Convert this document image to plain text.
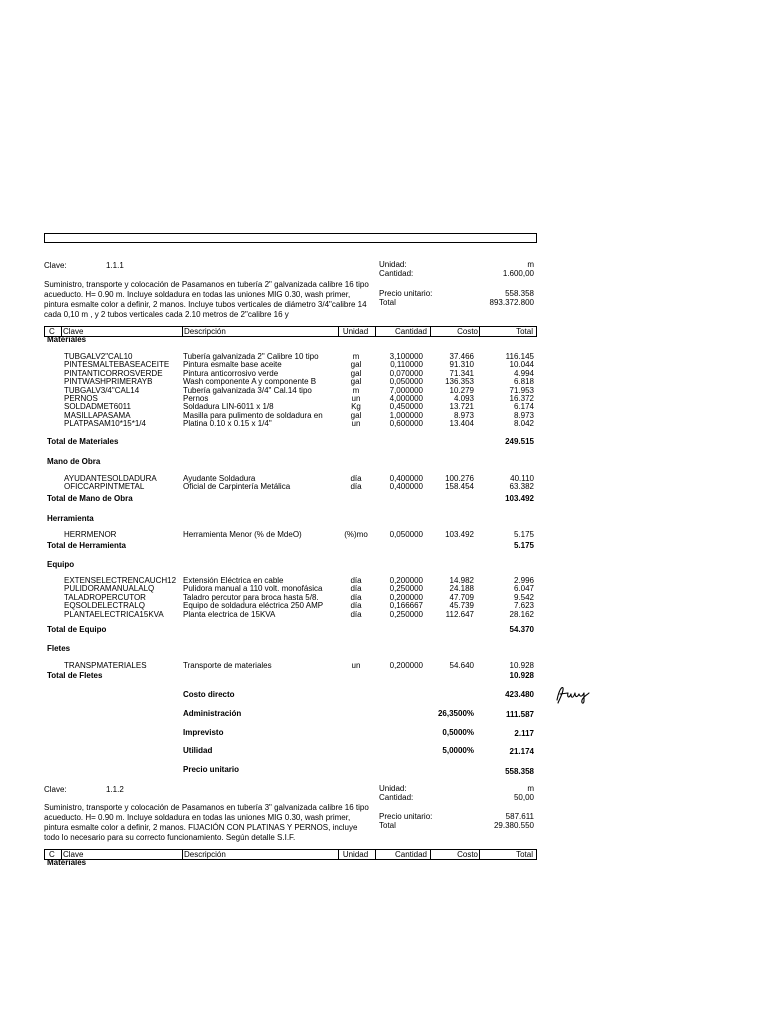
Clave:	1.1.1	Unidad:	m
Cantidad:	1.600,00
Suministro, transporte y colocación de Pasamanos en tubería 2" galvanizada calibre 16 tipo acueducto. H= 0.90 m. Incluye soldadura en todas las uniones MIG 0.30, wash primer, pintura esmalte color a definir, 2 manos. Incluye tubos verticales de diámetro 3/4"calibre 14 cada 0,10 m , y 2 tubos verticales cada 2.10 metros de 2"calibre 16 y
Precio unitario:	558.358
Total	893.372.800
C Clave	Descripción	Unidad	Cantidad	Costo	Total
Materiales
TUBGALV2"CAL10	Tubería galvanizada 2" Calibre 10 tipo	m	3,100000	37.466	116.145
PINTESMALTEBASEACEITE Pintura esmalte base aceite	gal	0,110000	91.310	10.044
PINTANTICORROSVERDE	Pintura anticorrosivo verde	gal	0,070000	71.341	4.994
PINTWASHPRIMERAYB	Wash componente A y componente B	gal	0,050000	136.353	6.818
TUBGALV3/4"CAL14	Tubería galvanizada 3/4" Cal.14 tipo	m	7,000000	10.279	71.953
PERNOS	Pernos	un	4,000000	4.093	16.372
SOLDADMET6011	Soldadura LIN-6011 x 1/8	Kg	0,450000	13.721	6.174
MASILLAPASAMA	Masilla para pulimento de soldadura en	gal	1,000000	8.973	8.973
PLATPASAM10*15*1/4	Platina 0.10 x 0.15 x 1/4"	un	0,600000	13.404	8.042
Total de Materiales	249.515
Mano de Obra
AYUDANTESOLDADURA	Ayudante Soldadura	día	0,400000	100.276	40.110
OFICCARPINTMETAL	Oficial de Carpintería Metálica	día	0,400000	158.454	63.382
Total de Mano de Obra	103.492
Herramienta
HERRMENOR	Herramienta Menor (% de MdeO)	(%)mo	0,050000	103.492	5.175
Total de Herramienta	5.175
Equipo
EXTENSELECTRENCAUCH12 Extensión Eléctrica en cable	día	0,200000	14.982	2.996
PULIDORAMANUALALQ	Pulidora manual a 110 volt. monofásica	día	0,250000	24.188	6.047
TALADROPERCUTOR	Taladro percutor para broca hasta 5/8.	día	0,200000	47.709	9.542
EQSOLDELECTRALQ	Equipo de soldadura eléctrica 250 AMP	día	0,166667	45.739	7.623
PLANTAELECTRICA15KVA Planta electrica de 15KVA	día	0,250000	112.647	28.162
Total de Equipo	54.370
Fletes
TRANSPMATERIALES	Transporte de materiales	un	0,200000	54.640	10.928
Total de Fletes	10.928
Costo directo	423.480
Administración	26,3500%	111.587
Imprevisto	0,5000%	2.117
Utilidad	5,0000%	21.174
Precio unitario	558.358
Clave:	1.1.2	Unidad:	m
Cantidad:	50,00
Suministro, transporte y colocación de Pasamanos en tubería 3" galvanizada calibre 16 tipo acueducto. H= 0.90 m. Incluye soldadura en todas las uniones MIG 0.30, wash primer, pintura esmalte color a definir, 2 manos. FIJACIÓN CON PLATINAS Y PERNOS, incluye todo lo necesario para su correcto funcionamiento. Según detalle S.I.F.
Precio unitario:	587.611
Total	29.380.550
C Clave	Descripción	Unidad	Cantidad	Costo	Total
Materiales
